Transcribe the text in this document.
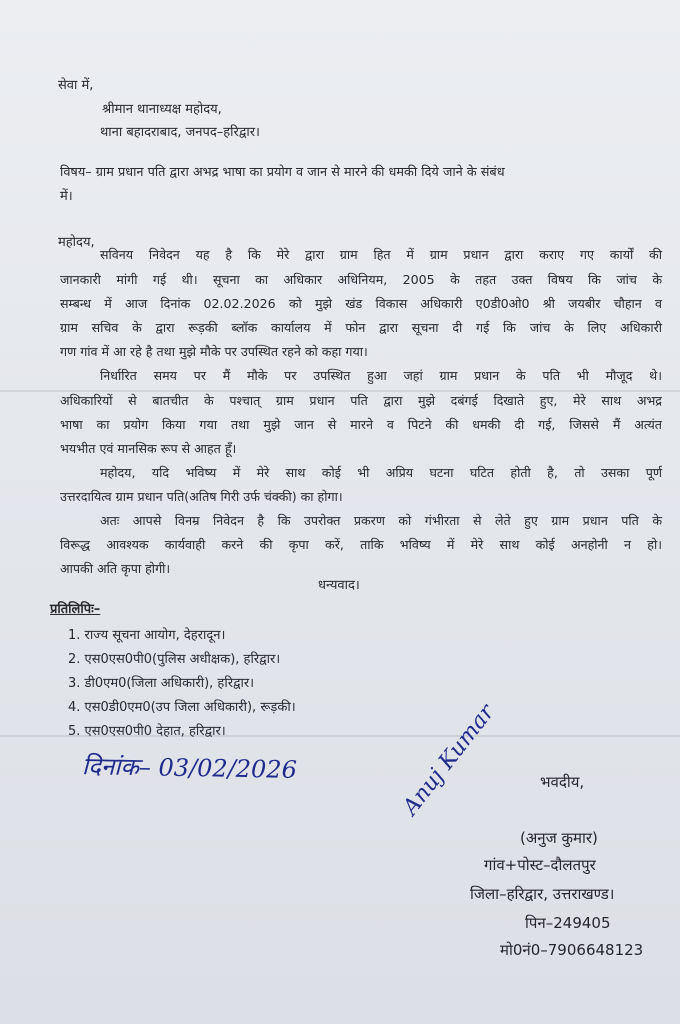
सेवा में,
श्रीमान थानाध्यक्ष महोदय,
थाना बहादराबाद, जनपद–हरिद्वार।
विषय– ग्राम प्रधान पति द्वारा अभद्र भाषा का प्रयोग व जान से मारने की धमकी दिये जाने के संबंध
में।
महोदय,
सविनय निवेदन यह है कि मेरे द्वारा ग्राम हित में ग्राम प्रधान द्वारा कराए गए कार्यों की
जानकारी मांगी गई थी। सूचना का अधिकार अधिनियम, 2005 के तहत उक्त विषय कि जांच के
सम्बन्ध में आज दिनांक 02.02.2026 को मुझे खंड विकास अधिकारी ए0डी0ओ0 श्री जयबीर चौहान व
ग्राम सचिव के द्वारा रूड़की ब्लॉक कार्यालय में फोन द्वारा सूचना दी गई कि जांच के लिए अधिकारी
गण गांव में आ रहे है तथा मुझे मौके पर उपस्थित रहने को कहा गया।
निर्धारित समय पर मैं मौके पर उपस्थित हुआ जहां ग्राम प्रधान के पति भी मौजूद थे।
अधिकारियों से बातचीत के पश्चात् ग्राम प्रधान पति द्वारा मुझे दबंगई दिखाते हुए, मेरे साथ अभद्र
भाषा का प्रयोग किया गया तथा मुझे जान से मारने व पिटने की धमकी दी गई, जिससे मैं अत्यंत
भयभीत एवं मानसिक रूप से आहत हूँ।
महोदय, यदि भविष्य में मेरे साथ कोई भी अप्रिय घटना घटित होती है, तो उसका पूर्ण
उत्तरदायित्व ग्राम प्रधान पति(अतिष गिरी उर्फ चंक्की) का होगा।
अतः आपसे विनम्र निवेदन है कि उपरोक्त प्रकरण को गंभीरता से लेते हुए ग्राम प्रधान पति के
विरूद्ध आवश्यक कार्यवाही करने की कृपा करें, ताकि भविष्य में मेरे साथ कोई अनहोनी न हो।
आपकी अति कृपा होगी।
धन्यवाद।
प्रतिलिपिः–
1. राज्य सूचना आयोग, देहरादून।
2. एस0एस0पी0(पुलिस अधीक्षक), हरिद्वार।
3. डी0एम0(जिला अधिकारी), हरिद्वार।
4. एस0डी0एम0(उप जिला अधिकारी), रूड़की।
5. एस0एस0पी0 देहात, हरिद्वार।
दिनांक– 03/02/2026	भवदीय,
Anuj Kumar
(अनुज कुमार)
गांव+पोस्ट–दौलतपुर
जिला–हरिद्वार, उत्तराखण्ड।
पिन–249405
मो0नं0–7906648123
